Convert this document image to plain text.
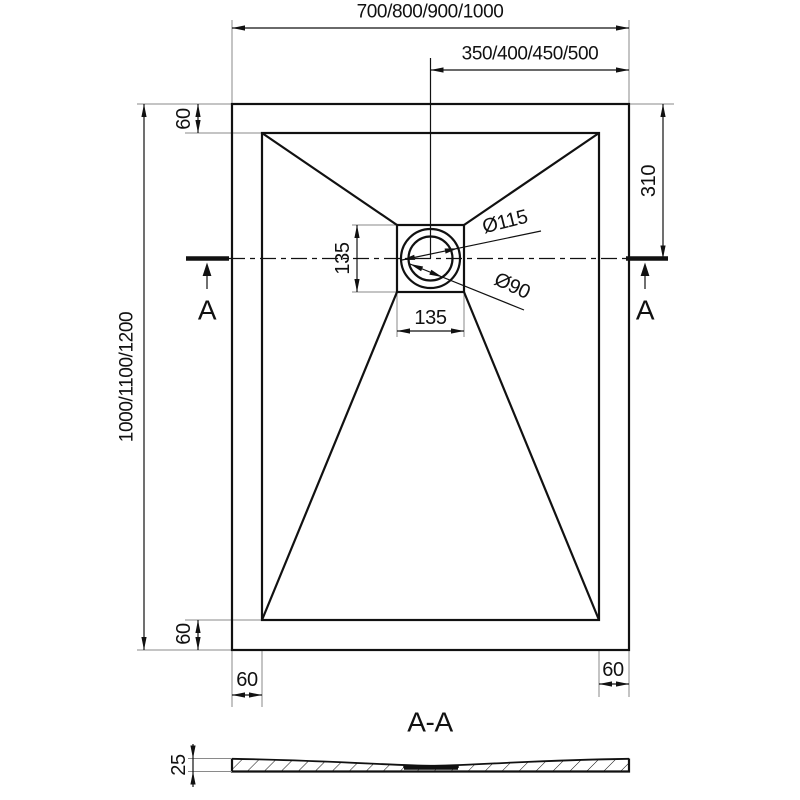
700/800/900/1000
350/400/450/500
1000/1100/1200
60
310
135
135
60
60	60
Ø115
Ø90
A	A
A-A
25
